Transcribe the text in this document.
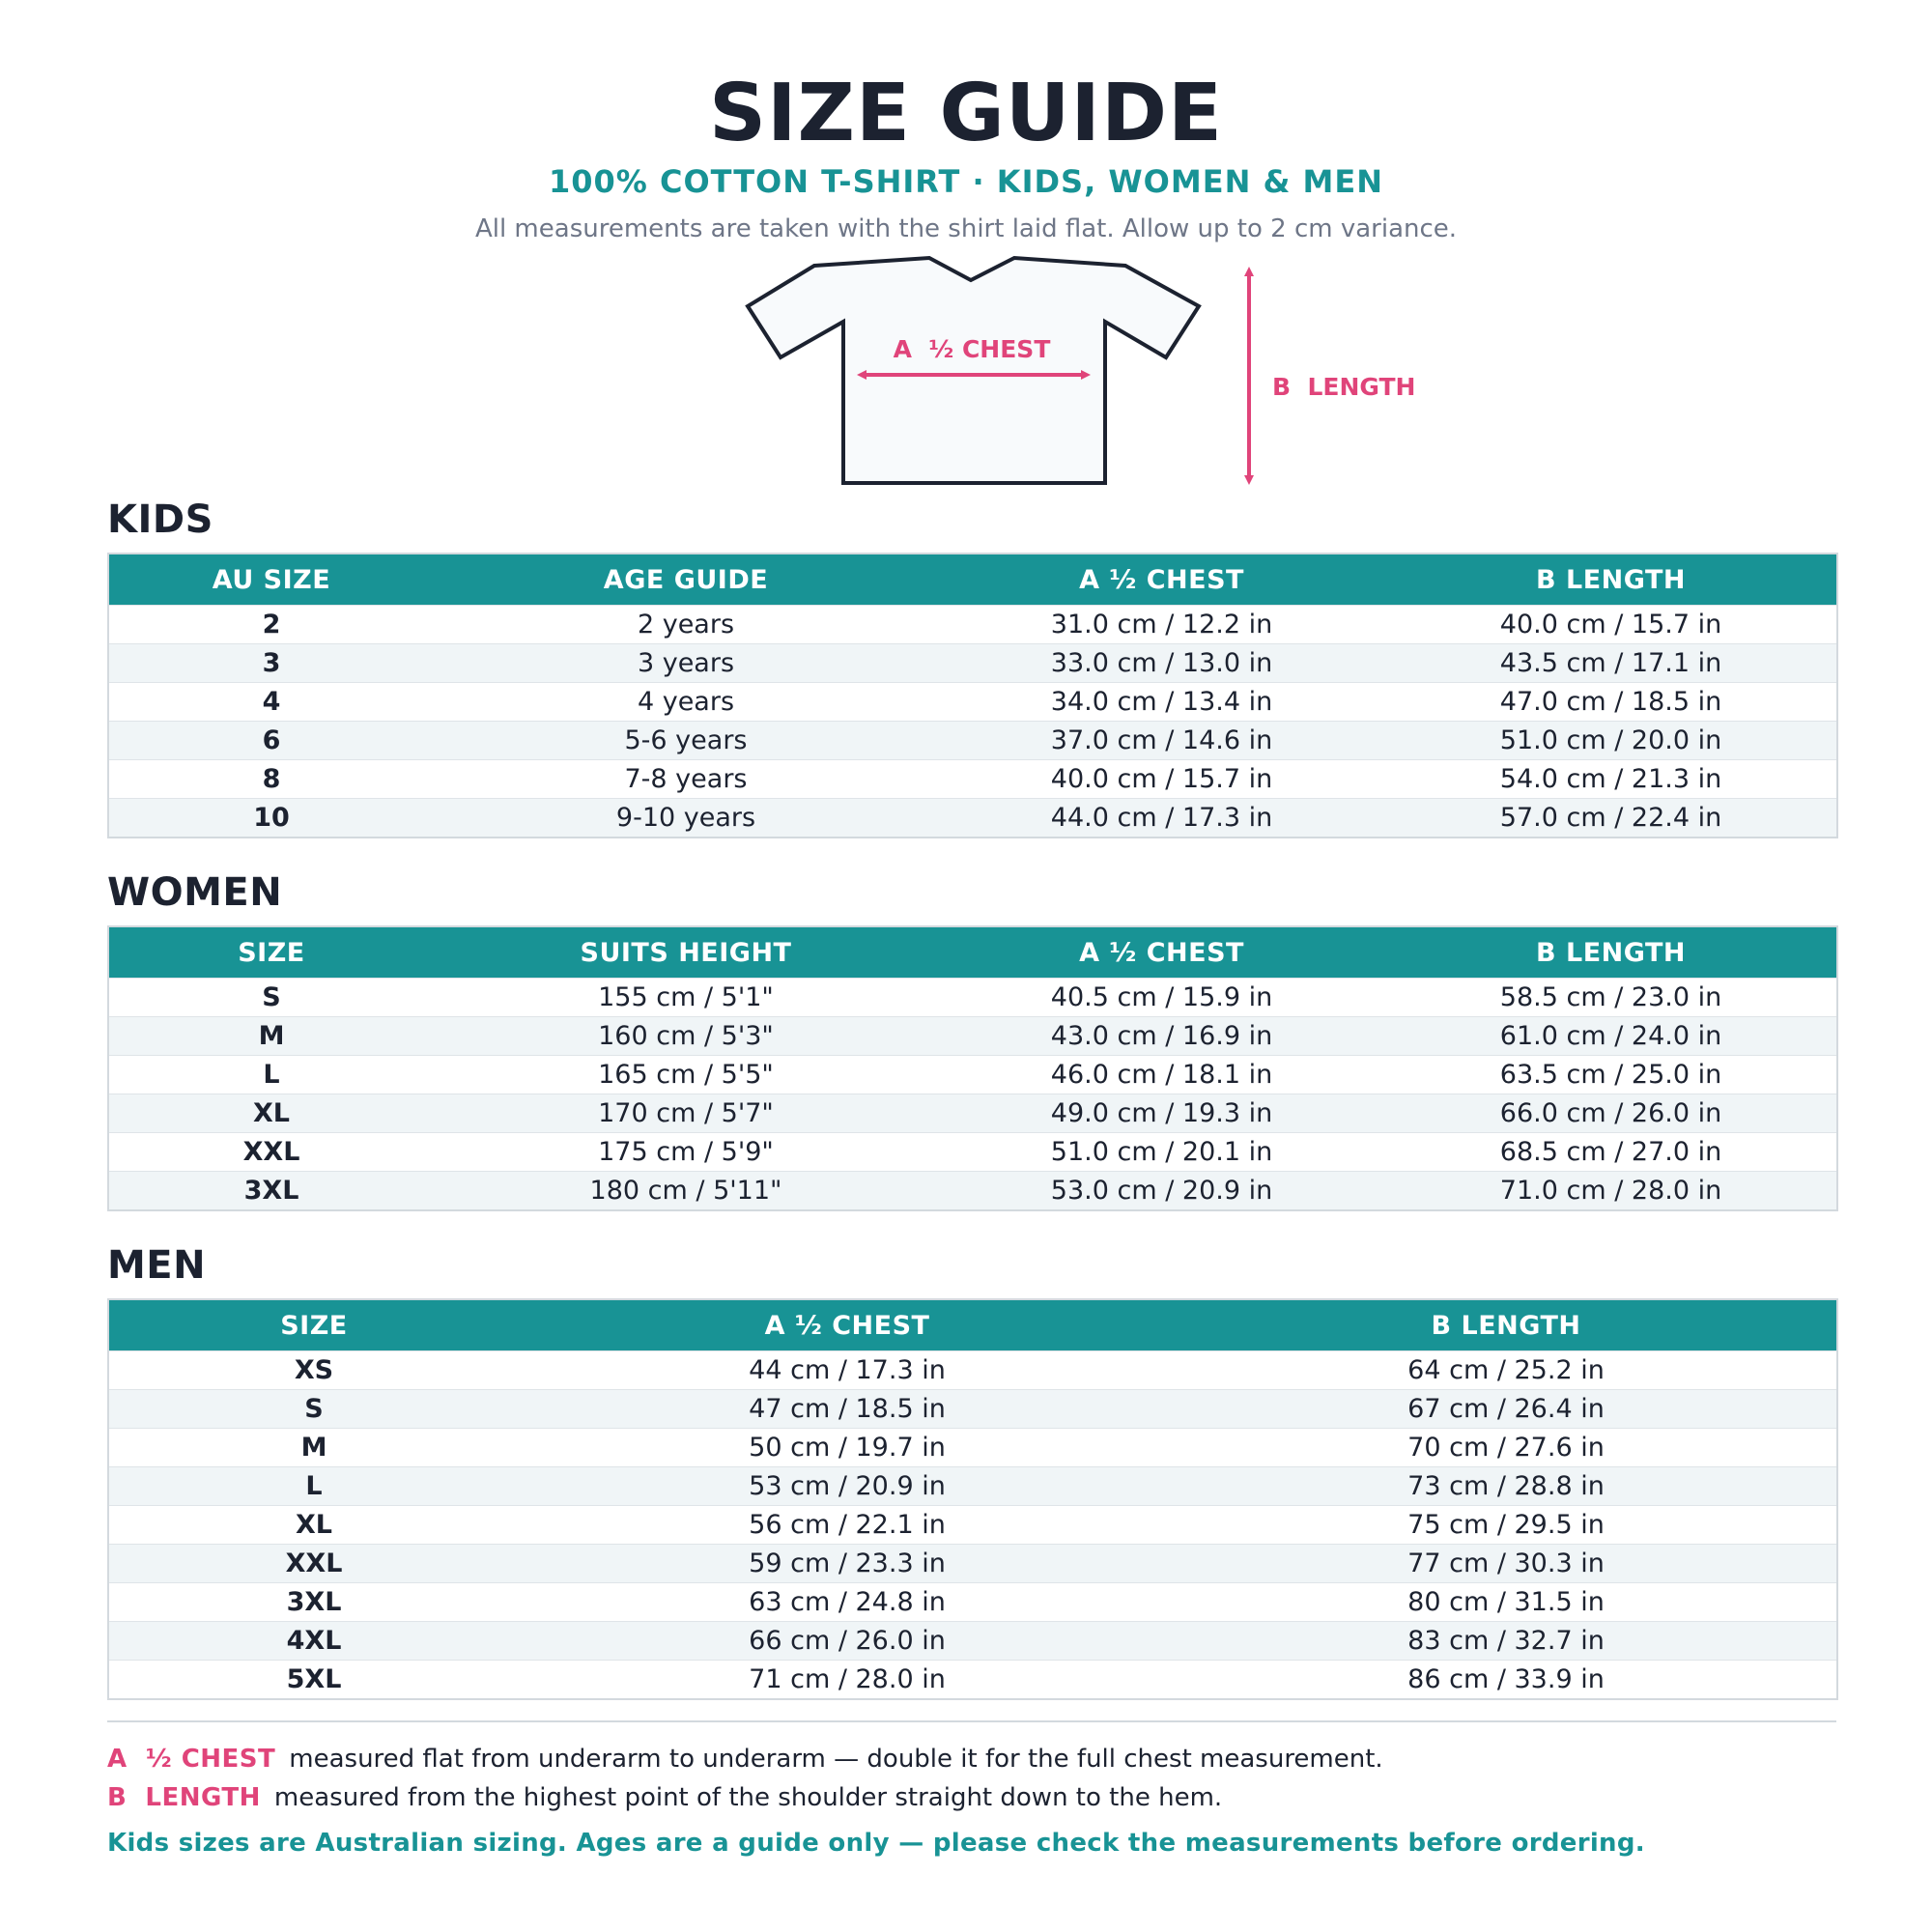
SIZE GUIDE
100% COTTON T-SHIRT · KIDS, WOMEN & MEN
All measurements are taken with the shirt laid flat. Allow up to 2 cm variance.
A  ½ CHEST
B  LENGTH
KIDS
AU SIZE	AGE GUIDE	A ½ CHEST	B LENGTH
2	2 years	31.0 cm / 12.2 in	40.0 cm / 15.7 in
3	3 years	33.0 cm / 13.0 in	43.5 cm / 17.1 in
4	4 years	34.0 cm / 13.4 in	47.0 cm / 18.5 in
6	5-6 years	37.0 cm / 14.6 in	51.0 cm / 20.0 in
8	7-8 years	40.0 cm / 15.7 in	54.0 cm / 21.3 in
10	9-10 years	44.0 cm / 17.3 in	57.0 cm / 22.4 in
WOMEN
SIZE	SUITS HEIGHT	A ½ CHEST	B LENGTH
S	155 cm / 5'1"	40.5 cm / 15.9 in	58.5 cm / 23.0 in
M	160 cm / 5'3"	43.0 cm / 16.9 in	61.0 cm / 24.0 in
L	165 cm / 5'5"	46.0 cm / 18.1 in	63.5 cm / 25.0 in
XL	170 cm / 5'7"	49.0 cm / 19.3 in	66.0 cm / 26.0 in
XXL	175 cm / 5'9"	51.0 cm / 20.1 in	68.5 cm / 27.0 in
3XL	180 cm / 5'11"	53.0 cm / 20.9 in	71.0 cm / 28.0 in
MEN
SIZE	A ½ CHEST	B LENGTH
XS	44 cm / 17.3 in	64 cm / 25.2 in
S	47 cm / 18.5 in	67 cm / 26.4 in
M	50 cm / 19.7 in	70 cm / 27.6 in
L	53 cm / 20.9 in	73 cm / 28.8 in
XL	56 cm / 22.1 in	75 cm / 29.5 in
XXL	59 cm / 23.3 in	77 cm / 30.3 in
3XL	63 cm / 24.8 in	80 cm / 31.5 in
4XL	66 cm / 26.0 in	83 cm / 32.7 in
5XL	71 cm / 28.0 in	86 cm / 33.9 in
A  ½ CHEST measured flat from underarm to underarm — double it for the full chest measurement.
B  LENGTH measured from the highest point of the shoulder straight down to the hem.
Kids sizes are Australian sizing. Ages are a guide only — please check the measurements before ordering.
